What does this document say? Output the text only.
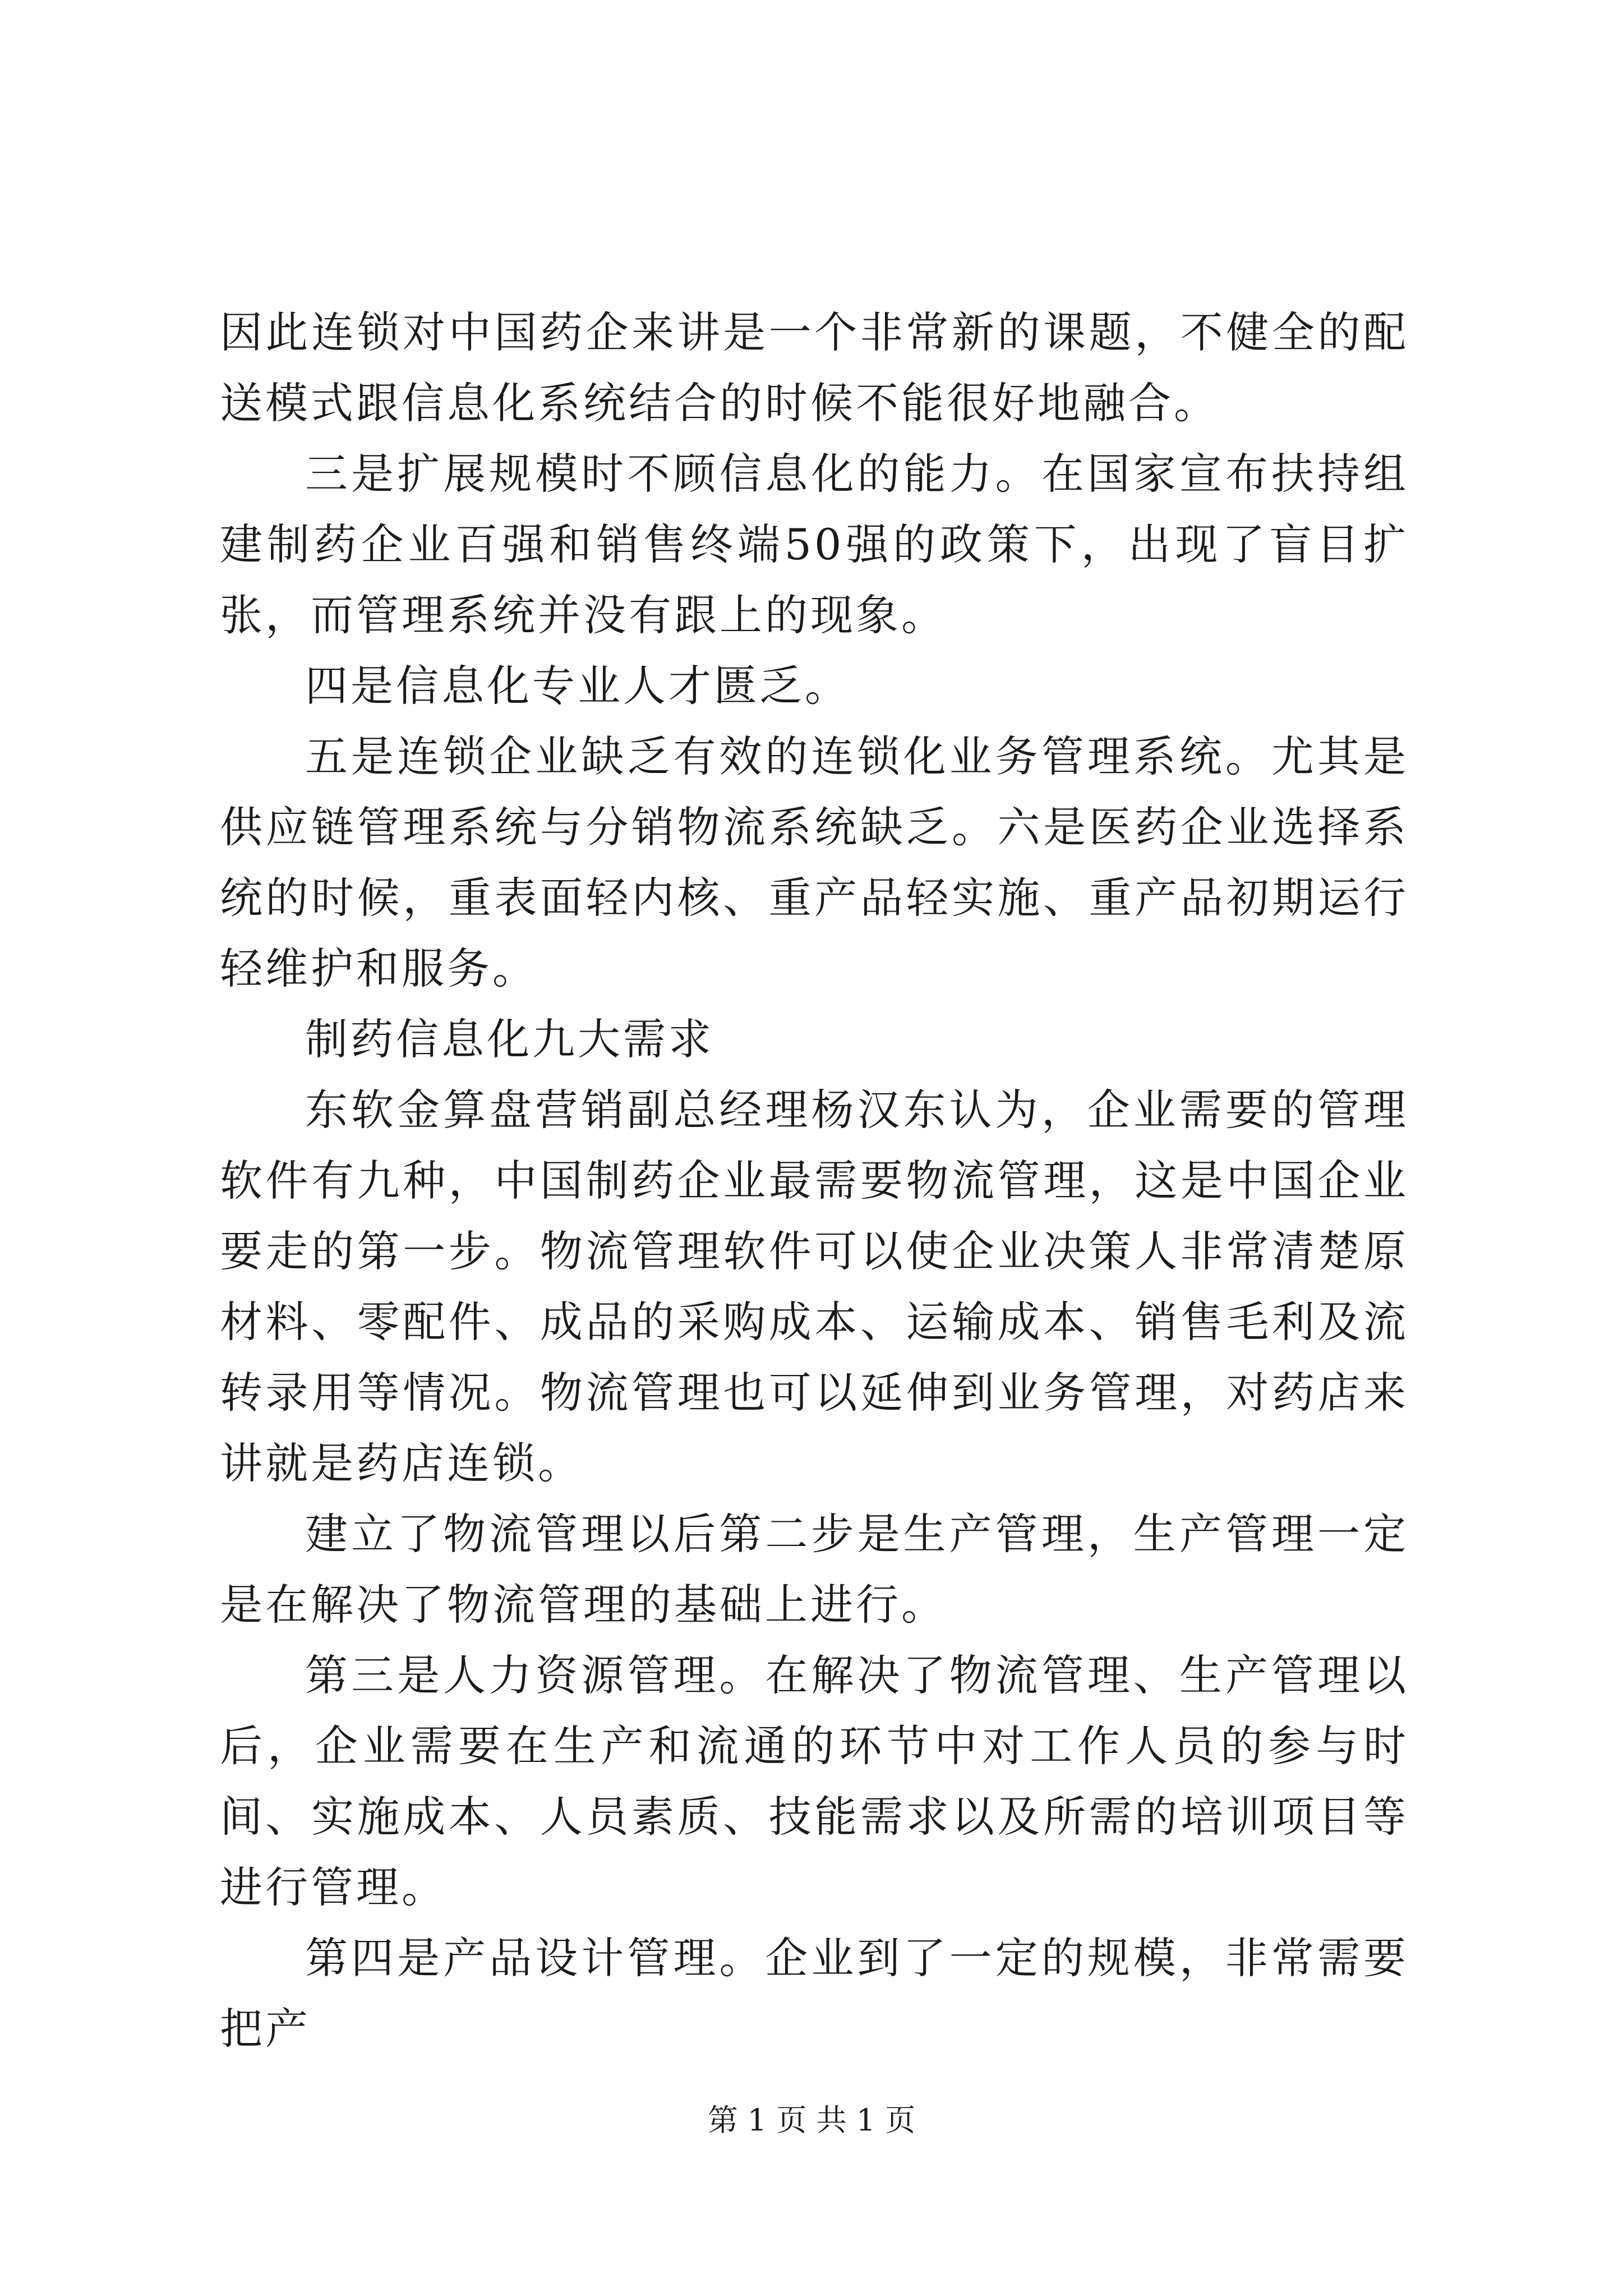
因此连锁对中国药企来讲是一个非常新的课题，不健全的配送模式跟信息化系统结合的时候不能很好地融合。

三是扩展规模时不顾信息化的能力。在国家宣布扶持组建制药企业百强和销售终端50强的政策下，出现了盲目扩张，而管理系统并没有跟上的现象。

四是信息化专业人才匮乏。

五是连锁企业缺乏有效的连锁化业务管理系统。尤其是供应链管理系统与分销物流系统缺乏。六是医药企业选择系统的时候，重表面轻内核、重产品轻实施、重产品初期运行轻维护和服务。

制药信息化九大需求

东软金算盘营销副总经理杨汉东认为，企业需要的管理软件有九种，中国制药企业最需要物流管理，这是中国企业要走的第一步。物流管理软件可以使企业决策人非常清楚原材料、零配件、成品的采购成本、运输成本、销售毛利及流转录用等情况。物流管理也可以延伸到业务管理，对药店来讲就是药店连锁。

建立了物流管理以后第二步是生产管理，生产管理一定是在解决了物流管理的基础上进行。

第三是人力资源管理。在解决了物流管理、生产管理以后，企业需要在生产和流通的环节中对工作人员的参与时间、实施成本、人员素质、技能需求以及所需的培训项目等进行管理。

第四是产品设计管理。企业到了一定的规模，非常需要把产

第 1 页 共 1 页
